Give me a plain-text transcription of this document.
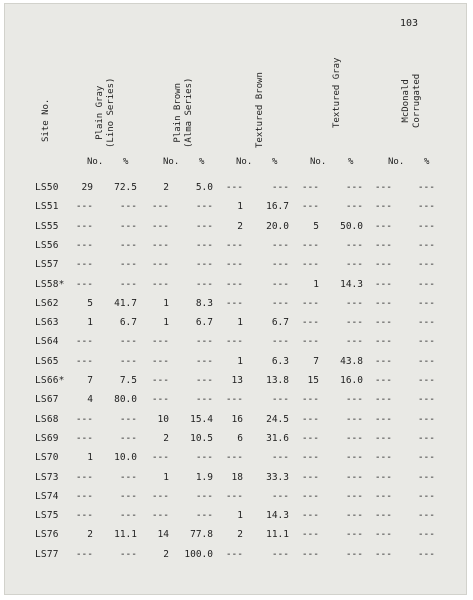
103
Site No.	Plain Gray (Lino Series)	Plain Brown (Alma Series)	Textured Brown	Textured Gray	McDonald Corrugated
No. %	No. %	No. %	No. %	No. %
LS50	29	72.5	2	5.0	---	---	---	---	---	---
LS51	---	---	---	---	1	16.7	---	---	---	---
LS55	---	---	---	---	2	20.0	5	50.0	---	---
LS56	---	---	---	---	---	---	---	---	---	---
LS57	---	---	---	---	---	---	---	---	---	---
LS58*	---	---	---	---	---	---	1	14.3	---	---
LS62	5	41.7	1	8.3	---	---	---	---	---	---
LS63	1	6.7	1	6.7	1	6.7	---	---	---	---
LS64	---	---	---	---	---	---	---	---	---	---
LS65	---	---	---	---	1	6.3	7	43.8	---	---
LS66*	7	7.5	---	---	13	13.8	15	16.0	---	---
LS67	4	80.0	---	---	---	---	---	---	---	---
LS68	---	---	10	15.4	16	24.5	---	---	---	---
LS69	---	---	2	10.5	6	31.6	---	---	---	---
LS70	1	10.0	---	---	---	---	---	---	---	---
LS73	---	---	1	1.9	18	33.3	---	---	---	---
LS74	---	---	---	---	---	---	---	---	---	---
LS75	---	---	---	---	1	14.3	---	---	---	---
LS76	2	11.1	14	77.8	2	11.1	---	---	---	---
LS77	---	---	2	100.0	---	---	---	---	---	---
